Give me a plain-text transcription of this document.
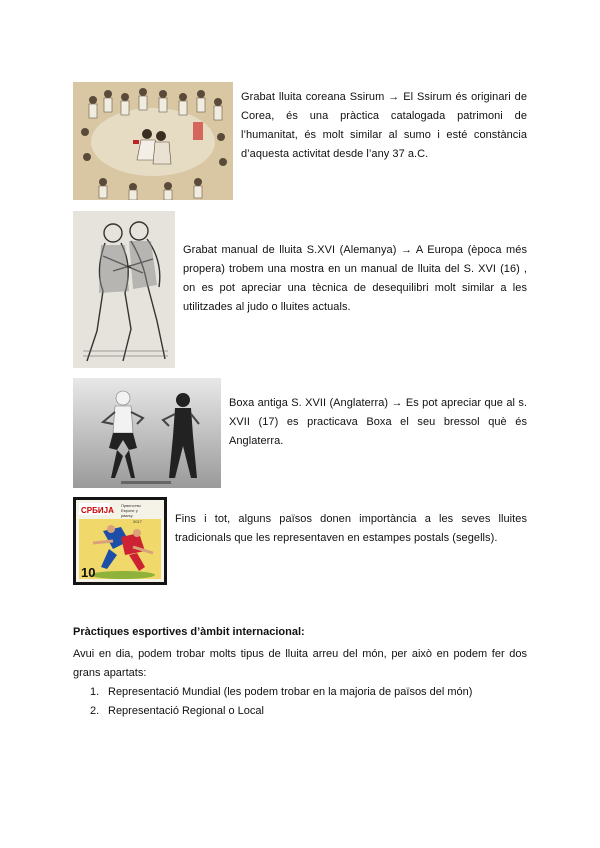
Grabat lluita coreana Ssirum → El Ssirum és originari de
Corea, és una pràctica catalogada patrimoni de
l’humanitat, és molt similar al sumo i esté constància
d’aquesta activitat desde l’any 37 a.C.
Grabat manual de lluita S.XVI (Alemanya) → A Europa (època més
propera) trobem una mostra en un manual de lluita del S. XVI (16) ,
on es pot apreciar una tècnica de desequilibri molt similar a les
utilitzades al judo o lluites actuals.
Boxa antiga S. XVII (Anglaterra) → Es pot apreciar que al s.
XVII (17) es practicava Boxa el seu bressol què és
Anglaterra.
СРБИЈА
Првенство
Европе у
рвању
2017
10
Fins i tot, alguns països donen importància a les seves lluites
tradicionals que les representaven en estampes postals (segells).
Pràctiques esportives d’àmbit internacional:
Avui en dia, podem trobar molts tipus de lluita arreu del món, per això en podem fer dos
grans apartats:
1. Representació Mundial (les podem trobar en la majoria de països del món)
2. Representació Regional o Local
